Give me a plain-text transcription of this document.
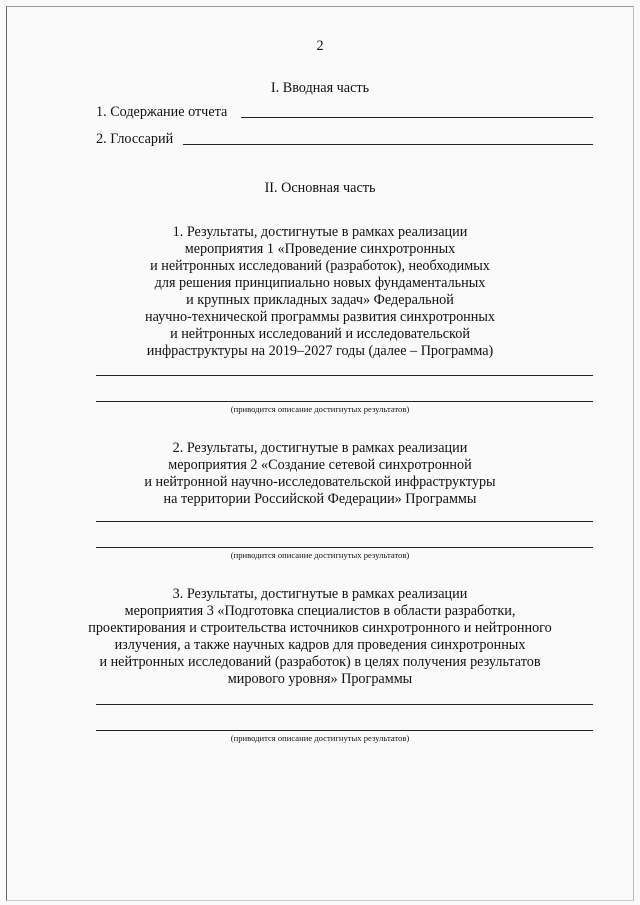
2
I. Вводная часть
1. Содержание отчета
2. Глоссарий
II. Основная часть
1. Результаты, достигнутые в рамках реализации
мероприятия 1 «Проведение синхротронных
и нейтронных исследований (разработок), необходимых
для решения принципиально новых фундаментальных
и крупных прикладных задач» Федеральной
научно-технической программы развития синхротронных
и нейтронных исследований и исследовательской
инфраструктуры на 2019–2027 годы (далее – Программа)
(приводится описание достигнутых результатов)
2. Результаты, достигнутые в рамках реализации
мероприятия 2 «Создание сетевой синхротронной
и нейтронной научно-исследовательской инфраструктуры
на территории Российской Федерации» Программы
(приводится описание достигнутых результатов)
3. Результаты, достигнутые в рамках реализации
мероприятия 3 «Подготовка специалистов в области разработки,
проектирования и строительства источников синхротронного и нейтронного
излучения, а также научных кадров для проведения синхротронных
и нейтронных исследований (разработок) в целях получения результатов
мирового уровня» Программы
(приводится описание достигнутых результатов)
